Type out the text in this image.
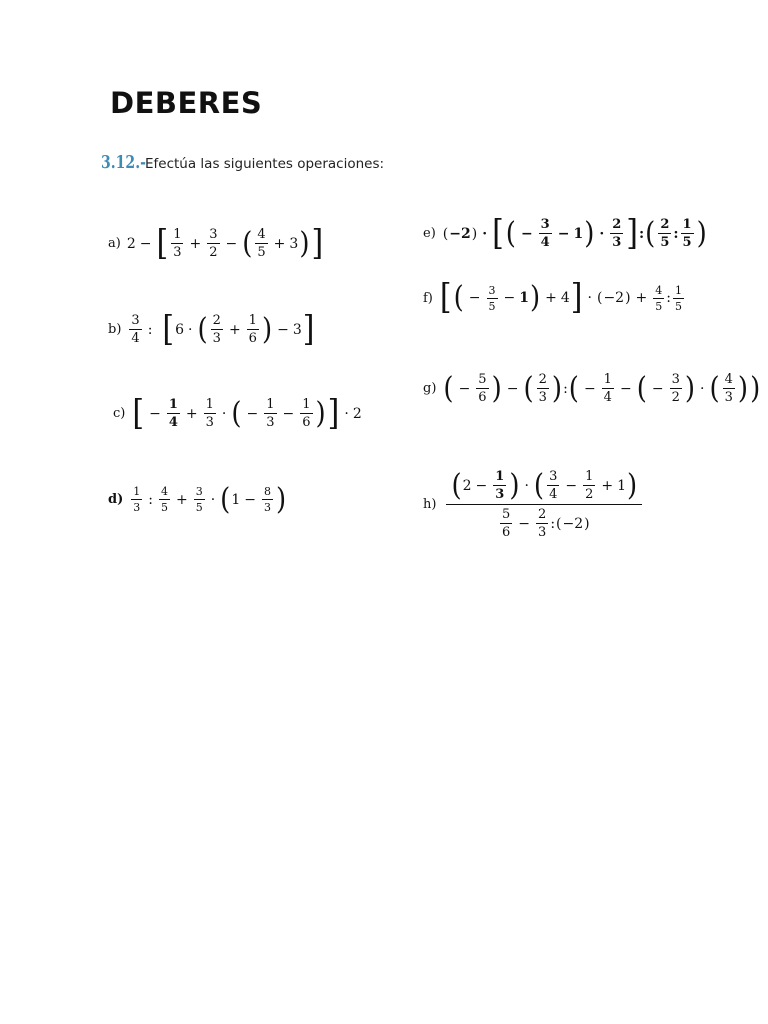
DEBERES
3.12.- Efectúa las siguientes operaciones:
a) 2 − [ $\frac{1}{3} + \frac{3}{2}$ − ( $\frac{4}{5} + 3$ ) ]
$b) \frac{3}{4}$ : [ 6 · ( $\frac{2}{3} + \frac{1}{6}$ ) − 3 ]
c) [ − $\frac{1}{4} + \frac{1}{3}$ · ( − $\frac{1}{3} - \frac{1}{6}$ ) ] · 2
$d) \frac{1}{3}$ : $\frac{4}{5} + \frac{3}{5}$ · ( $1 - \frac{8}{3}$ )
e) ( −2 ) · [ ( − $\frac{3}{4} - 1$ ) · $\frac{2}{3}$ ] : ( $\frac{2}{5}$ : $\frac{1}{5}$ )
f) [ ( − $\frac{3}{5} - 1$ ) + 4 ] · ( −2 ) + $\frac{4}{5}$ : $\frac{1}{5}$
g) ( − $\frac{5}{6}$ ) − ( $\frac{2}{3}$ ) : ( − $\frac{1}{4}$ − ( − $\frac{3}{2}$ ) · ( $\frac{4}{3}$ ) )
h)
( $2 - \frac{1}{3}$ ) · ( $\frac{3}{4} - \frac{1}{2} + 1$ )
$\frac{5}{6} - \frac{2}{3}$ : ( −2 )
